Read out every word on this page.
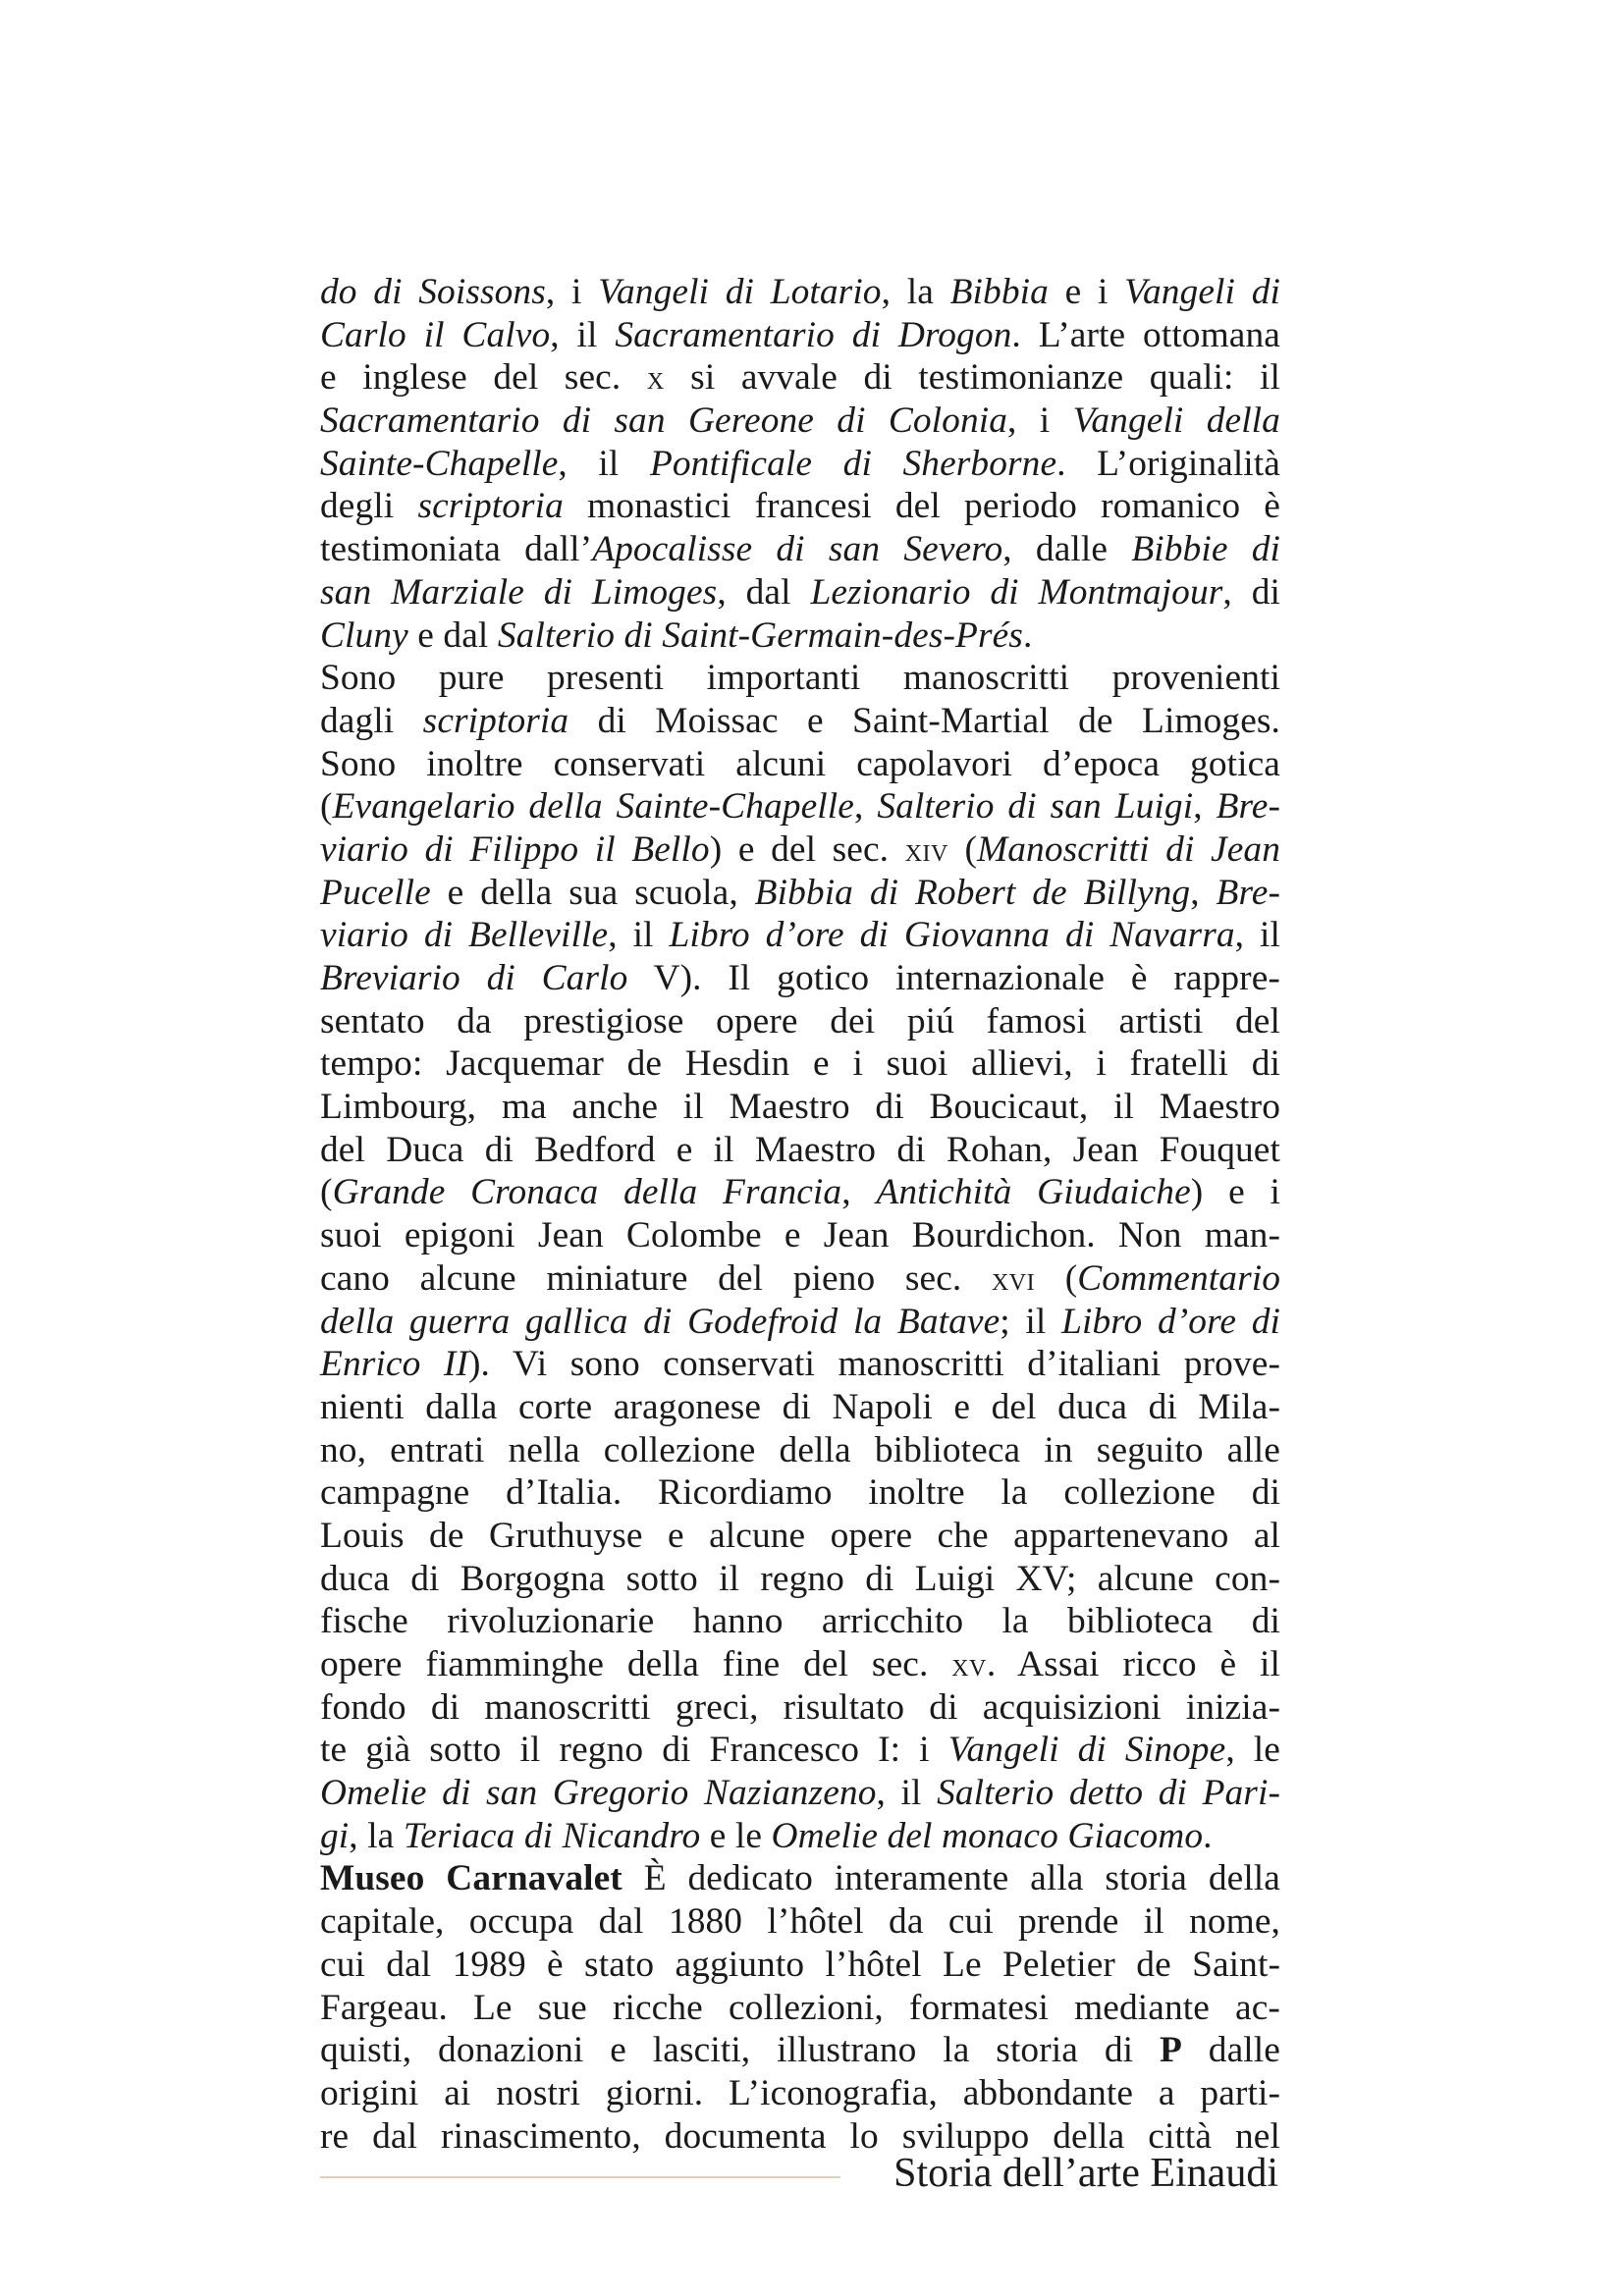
do di Soissons, i Vangeli di Lotario, la Bibbia e i Vangeli di
Carlo il Calvo, il Sacramentario di Drogon. L’arte ottomana
e inglese del sec. x si avvale di testimonianze quali: il
Sacramentario di san Gereone di Colonia, i Vangeli della
Sainte-Chapelle, il Pontificale di Sherborne. L’originalità
degli scriptoria monastici francesi del periodo romanico è
testimoniata dall’Apocalisse di san Severo, dalle Bibbie di
san Marziale di Limoges, dal Lezionario di Montmajour, di
Cluny e dal Salterio di Saint-Germain-des-Prés.
Sono pure presenti importanti manoscritti provenienti
dagli scriptoria di Moissac e Saint-Martial de Limoges.
Sono inoltre conservati alcuni capolavori d’epoca gotica
(Evangelario della Sainte-Chapelle, Salterio di san Luigi, Bre-
viario di Filippo il Bello) e del sec. xiv (Manoscritti di Jean
Pucelle e della sua scuola, Bibbia di Robert de Billyng, Bre-
viario di Belleville, il Libro d’ore di Giovanna di Navarra, il
Breviario di Carlo V). Il gotico internazionale è rappre-
sentato da prestigiose opere dei piú famosi artisti del
tempo: Jacquemar de Hesdin e i suoi allievi, i fratelli di
Limbourg, ma anche il Maestro di Boucicaut, il Maestro
del Duca di Bedford e il Maestro di Rohan, Jean Fouquet
(Grande Cronaca della Francia, Antichità Giudaiche) e i
suoi epigoni Jean Colombe e Jean Bourdichon. Non man-
cano alcune miniature del pieno sec. xvi (Commentario
della guerra gallica di Godefroid la Batave; il Libro d’ore di
Enrico II). Vi sono conservati manoscritti d’italiani prove-
nienti dalla corte aragonese di Napoli e del duca di Mila-
no, entrati nella collezione della biblioteca in seguito alle
campagne d’Italia. Ricordiamo inoltre la collezione di
Louis de Gruthuyse e alcune opere che appartenevano al
duca di Borgogna sotto il regno di Luigi XV; alcune con-
fische rivoluzionarie hanno arricchito la biblioteca di
opere fiamminghe della fine del sec. xv. Assai ricco è il
fondo di manoscritti greci, risultato di acquisizioni inizia-
te già sotto il regno di Francesco I: i Vangeli di Sinope, le
Omelie di san Gregorio Nazianzeno, il Salterio detto di Pari-
gi, la Teriaca di Nicandro e le Omelie del monaco Giacomo.
Museo Carnavalet È dedicato interamente alla storia della
capitale, occupa dal 1880 l’hôtel da cui prende il nome,
cui dal 1989 è stato aggiunto l’hôtel Le Peletier de Saint-
Fargeau. Le sue ricche collezioni, formatesi mediante ac-
quisti, donazioni e lasciti, illustrano la storia di P dalle
origini ai nostri giorni. L’iconografia, abbondante a parti-
re dal rinascimento, documenta lo sviluppo della città nel
Storia dell’arte Einaudi
